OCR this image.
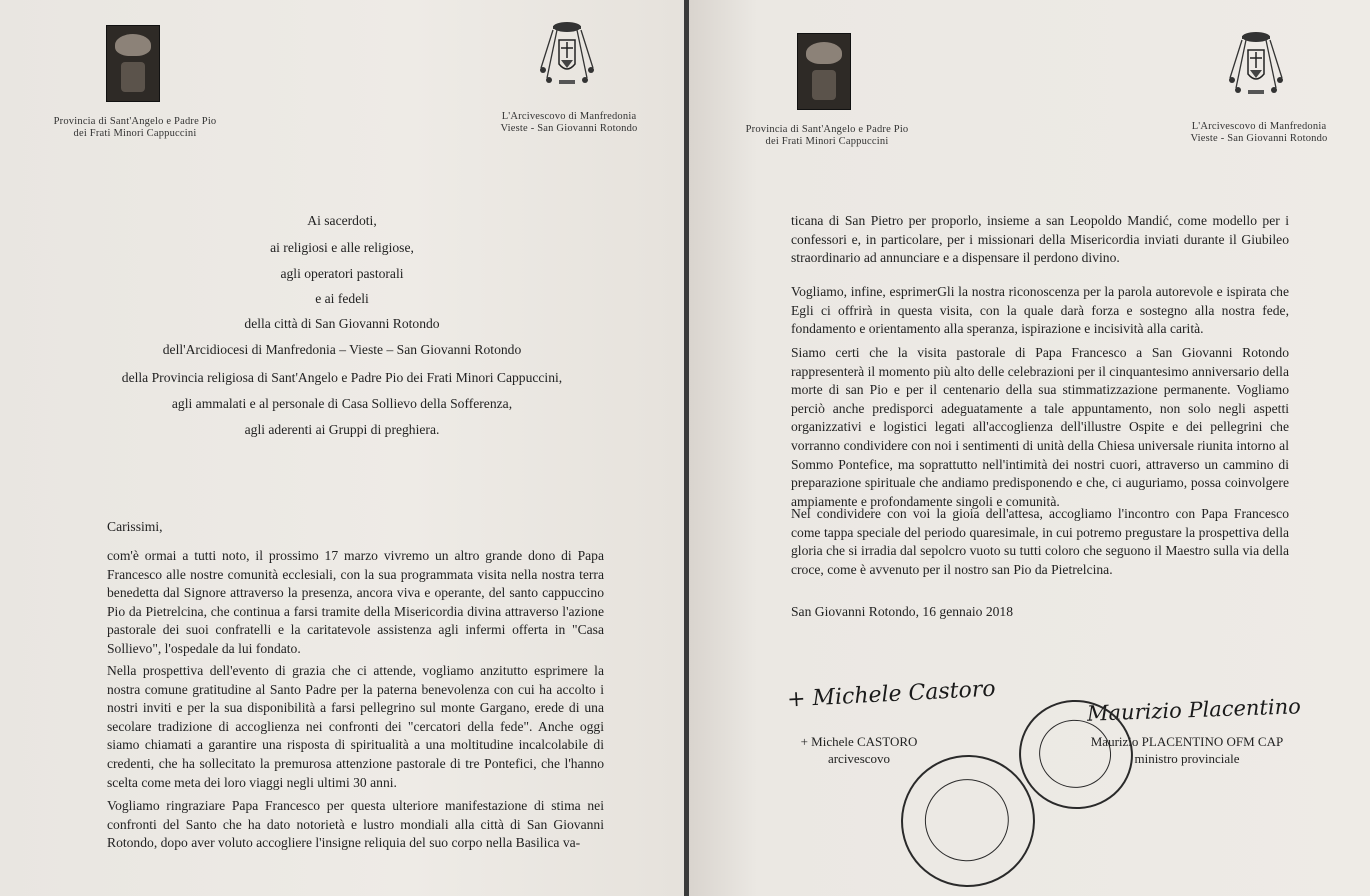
Provincia di Sant'Angelo e Padre Pio
dei Frati Minori Cappuccini
L'Arcivescovo di Manfredonia
Vieste - San Giovanni Rotondo
Ai sacerdoti,
ai religiosi e alle religiose,
agli operatori pastorali
e ai fedeli
della città di San Giovanni Rotondo
dell'Arcidiocesi di Manfredonia – Vieste – San Giovanni Rotondo
della Provincia religiosa di Sant'Angelo e Padre Pio dei Frati Minori Cappuccini,
agli ammalati e al personale di Casa Sollievo della Sofferenza,
agli aderenti ai Gruppi di preghiera.
Carissimi,

com'è ormai a tutti noto, il prossimo 17 marzo vivremo un altro grande dono di Papa Francesco alle nostre comunità ecclesiali, con la sua programmata visita nella nostra terra benedetta dal Signore attraverso la presenza, ancora viva e operante, del santo cappuccino Pio da Pietrelcina, che continua a farsi tramite della Misericordia divina attraverso l'azione pastorale dei suoi confratelli e la caritatevole assistenza agli infermi offerta in "Casa Sollievo", l'ospedale da lui fondato.

Nella prospettiva dell'evento di grazia che ci attende, vogliamo anzitutto esprimere la nostra comune gratitudine al Santo Padre per la paterna benevolenza con cui ha accolto i nostri inviti e per la sua disponibilità a farsi pellegrino sul monte Gargano, erede di una secolare tradizione di accoglienza nei confronti dei "cercatori della fede". Anche oggi siamo chiamati a garantire una risposta di spiritualità a una moltitudine incalcolabile di credenti, che ha sollecitato la premurosa attenzione pastorale di tre Pontefici, che l'hanno scelta come meta dei loro viaggi negli ultimi 30 anni.

Vogliamo ringraziare Papa Francesco per questa ulteriore manifestazione di stima nei confronti del Santo che ha dato notorietà e lustro mondiali alla città di San Giovanni Rotondo, dopo aver voluto accogliere l'insigne reliquia del suo corpo nella Basilica va-

Provincia di Sant'Angelo e Padre Pio
dei Frati Minori Cappuccini
L'Arcivescovo di Manfredonia
Vieste - San Giovanni Rotondo

ticana di San Pietro per proporlo, insieme a san Leopoldo Mandić, come modello per i confessori e, in particolare, per i missionari della Misericordia inviati durante il Giubileo straordinario ad annunciare e a dispensare il perdono divino.

Vogliamo, infine, esprimerGli la nostra riconoscenza per la parola autorevole e ispirata che Egli ci offrirà in questa visita, con la quale darà forza e sostegno alla nostra fede, fondamento e orientamento alla speranza, ispirazione e incisività alla carità.

Siamo certi che la visita pastorale di Papa Francesco a San Giovanni Rotondo rappresenterà il momento più alto delle celebrazioni per il cinquantesimo anniversario della morte di san Pio e per il centenario della sua stimmatizzazione permanente. Vogliamo perciò anche predisporci adeguatamente a tale appuntamento, non solo negli aspetti organizzativi e logistici legati all'accoglienza dell'illustre Ospite e dei pellegrini che vorranno condividere con noi i sentimenti di unità della Chiesa universale riunita intorno al Sommo Pontefice, ma soprattutto nell'intimità dei nostri cuori, attraverso un cammino di preparazione spirituale che andiamo predisponendo e che, ci auguriamo, possa coinvolgere ampiamente e profondamente singoli e comunità.

Nel condividere con voi la gioia dell'attesa, accogliamo l'incontro con Papa Francesco come tappa speciale del periodo quaresimale, in cui potremo pregustare la prospettiva della gloria che si irradia dal sepolcro vuoto su tutti coloro che seguono il Maestro sulla via della croce, come è avvenuto per il nostro san Pio da Pietrelcina.

San Giovanni Rotondo, 16 gennaio 2018
+ Michele Castoro	Maurizio Placentino
+ Michele CASTORO
arcivescovo
Maurizio PLACENTINO OFM CAP
ministro provinciale
